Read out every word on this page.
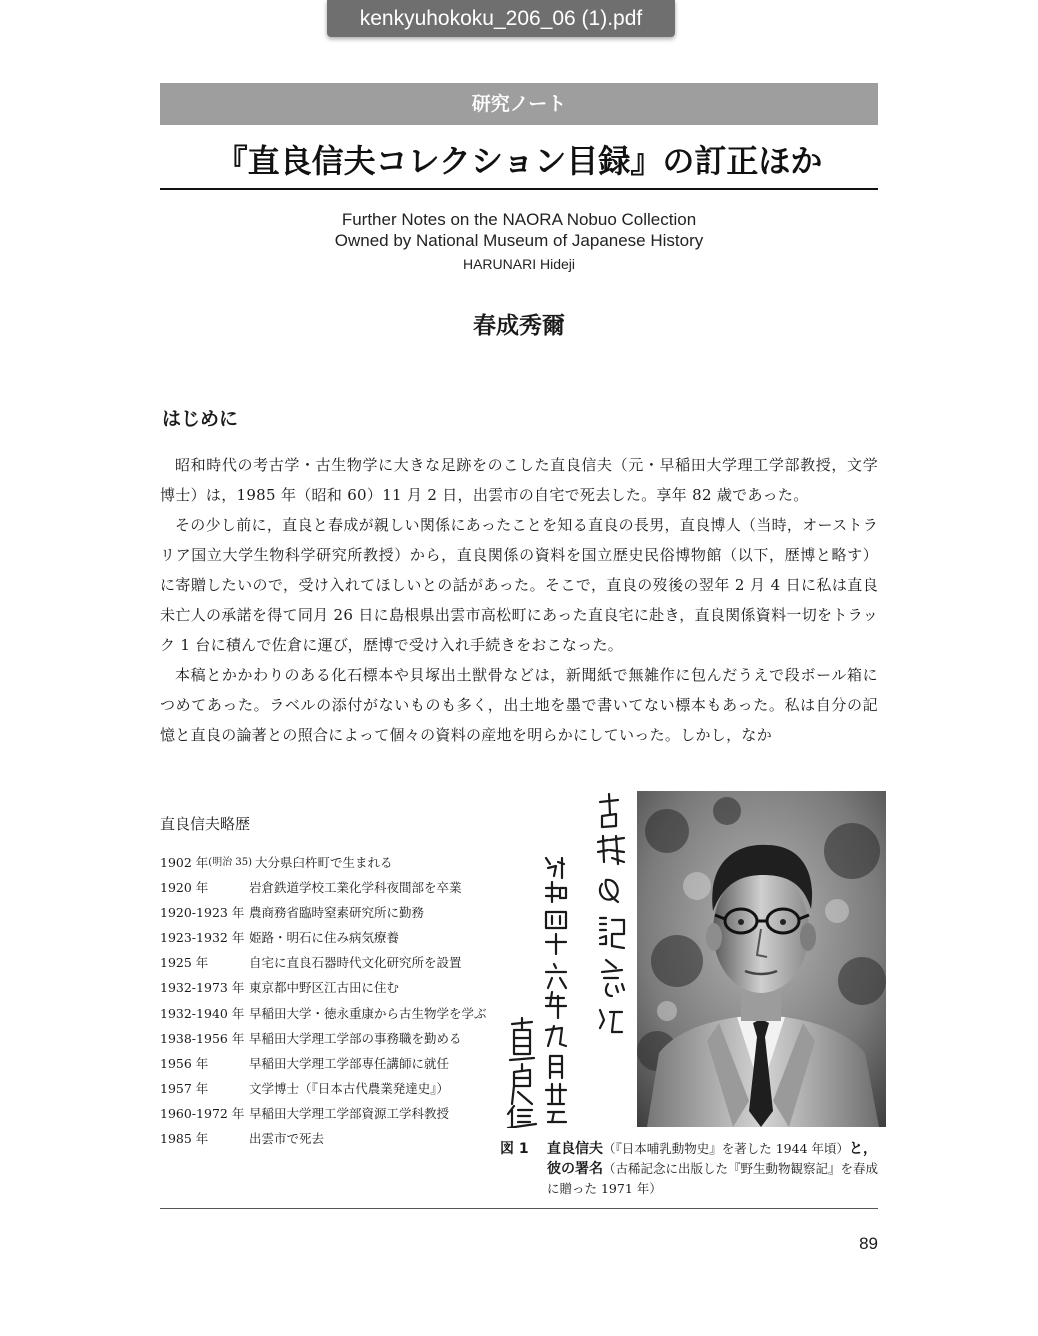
kenkyuhokoku_206_06 (1).pdf
研究ノート
『直良信夫コレクション目録』の訂正ほか
Further Notes on the NAORA Nobuo Collection
Owned by National Museum of Japanese History
HARUNARI Hideji
春成秀爾
はじめに

昭和時代の考古学・古生物学に大きな足跡をのこした直良信夫（元・早稲田大学理工学部教授，文学博士）は，1985 年（昭和 60）11 月 2 日，出雲市の自宅で死去した。享年 82 歳であった。

その少し前に，直良と春成が親しい関係にあったことを知る直良の長男，直良博人（当時，オーストラリア国立大学生物科学研究所教授）から，直良関係の資料を国立歴史民俗博物館（以下，歴博と略す）に寄贈したいので，受け入れてほしいとの話があった。そこで，直良の歿後の翌年 2 月 4 日に私は直良未亡人の承諾を得て同月 26 日に島根県出雲市高松町にあった直良宅に赴き，直良関係資料一切をトラック 1 台に積んで佐倉に運び，歴博で受け入れ手続きをおこなった。

本稿とかかわりのある化石標本や貝塚出土獣骨などは，新聞紙で無雑作に包んだうえで段ボール箱につめてあった。ラベルの添付がないものも多く，出土地を墨で書いてない標本もあった。私は自分の記憶と直良の論著との照合によって個々の資料の産地を明らかにしていった。しかし，なか

直良信夫略歴
1902 年 (明治 35) 大分県臼杵町で生まれる
1920 年	岩倉鉄道学校工業化学科夜間部を卒業
1920-1923 年 農商務省臨時窒素研究所に勤務
1923-1932 年 姫路・明石に住み病気療養
1925 年	自宅に直良石器時代文化研究所を設置
1932-1973 年 東京都中野区江古田に住む
1932-1940 年 早稲田大学・徳永重康から古生物学を学ぶ
1938-1956 年 早稲田大学理工学部の事務職を勤める
1956 年	早稲田大学理工学部専任講師に就任
1957 年	文学博士（『日本古代農業発達史』）
1960-1972 年 早稲田大学理工学部資源工学科教授
1985 年	出雲市で死去
図 1 直良信夫（『日本哺乳動物史』を著した 1944 年頃）と，彼の署名（古稀記念に出版した『野生動物観察記』を春成に贈った 1971 年）
89
